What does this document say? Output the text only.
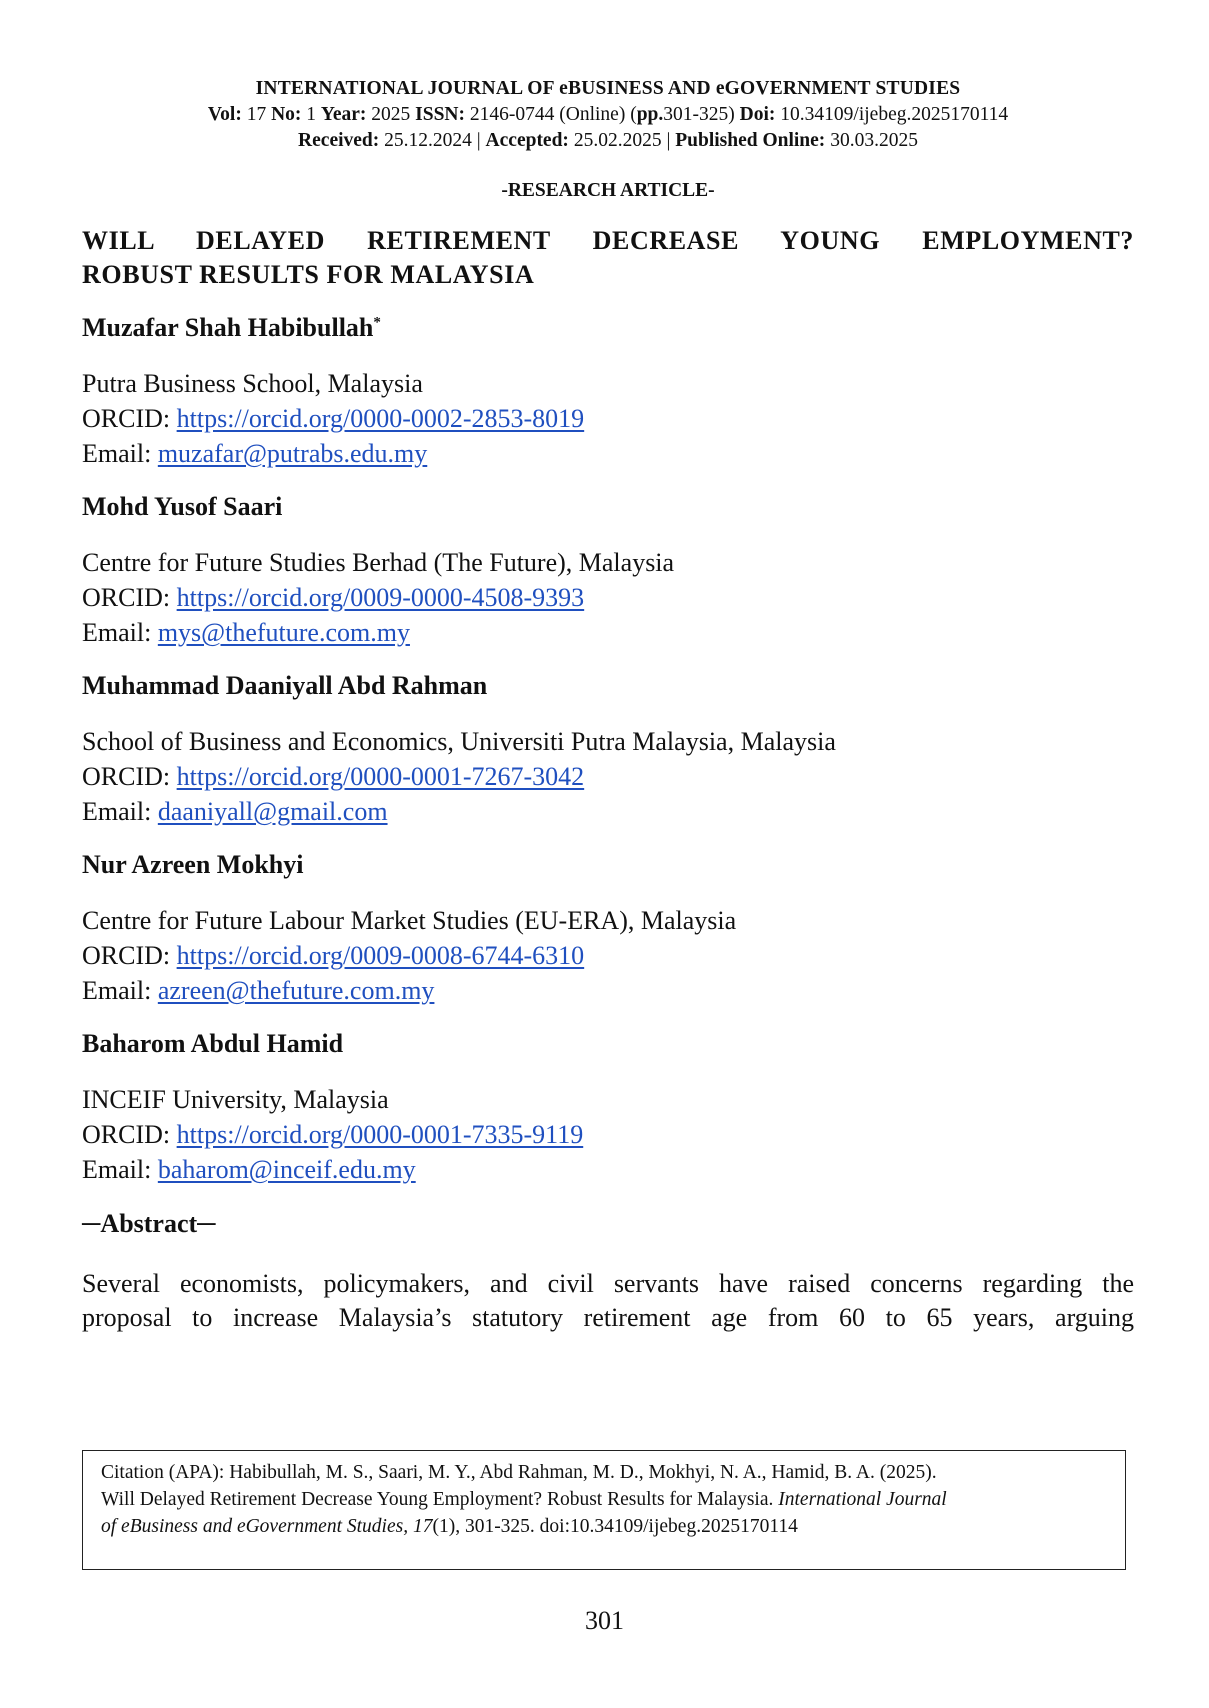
INTERNATIONAL JOURNAL OF eBUSINESS AND eGOVERNMENT STUDIES
Vol: 17 No: 1 Year: 2025 ISSN: 2146-0744 (Online) (pp.301-325) Doi: 10.34109/ijebeg.2025170114
Received: 25.12.2024 | Accepted: 25.02.2025 | Published Online: 30.03.2025
-RESEARCH ARTICLE-
WILL DELAYED RETIREMENT DECREASE YOUNG EMPLOYMENT?
ROBUST RESULTS FOR MALAYSIA
Muzafar Shah Habibullah*
Putra Business School, Malaysia
ORCID: https://orcid.org/0000-0002-2853-8019
Email: muzafar@putrabs.edu.my
Mohd Yusof Saari
Centre for Future Studies Berhad (The Future), Malaysia
ORCID: https://orcid.org/0009-0000-4508-9393
Email: mys@thefuture.com.my
Muhammad Daaniyall Abd Rahman
School of Business and Economics, Universiti Putra Malaysia, Malaysia
ORCID: https://orcid.org/0000-0001-7267-3042
Email: daaniyall@gmail.com
Nur Azreen Mokhyi
Centre for Future Labour Market Studies (EU-ERA), Malaysia
ORCID: https://orcid.org/0009-0008-6744-6310
Email: azreen@thefuture.com.my
Baharom Abdul Hamid
INCEIF University, Malaysia
ORCID: https://orcid.org/0000-0001-7335-9119
Email: baharom@inceif.edu.my
─Abstract─
Several economists, policymakers, and civil servants have raised concerns regarding the
proposal to increase Malaysia’s statutory retirement age from 60 to 65 years, arguing
Citation (APA): Habibullah, M. S., Saari, M. Y., Abd Rahman, M. D., Mokhyi, N. A., Hamid, B. A. (2025).
Will Delayed Retirement Decrease Young Employment? Robust Results for Malaysia. International Journal
of eBusiness and eGovernment Studies, 17(1), 301-325. doi:10.34109/ijebeg.2025170114
301
